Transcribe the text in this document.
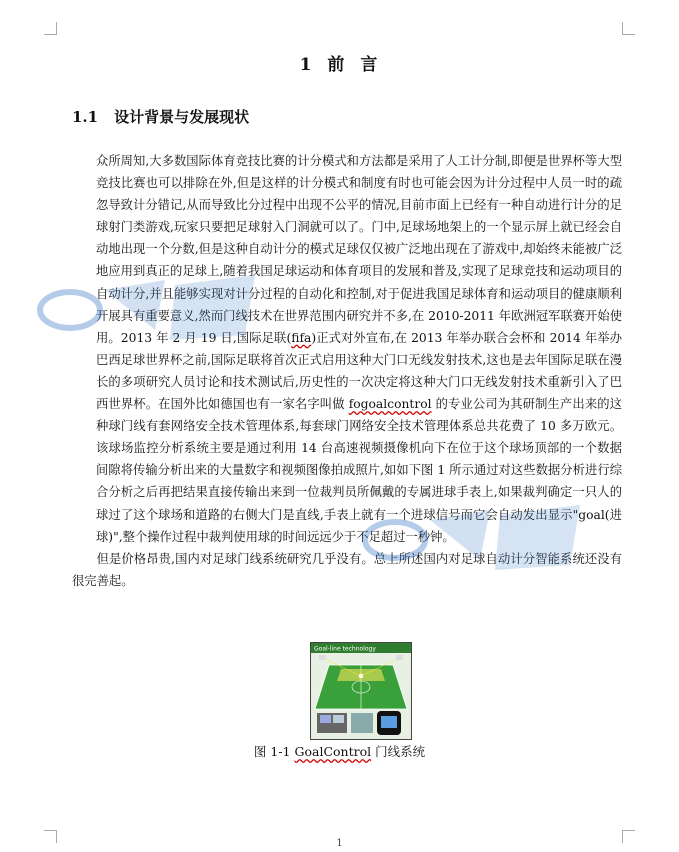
1 前 言
1.1 设计背景与发展现状

众所周知,大多数国际体育竞技比赛的计分模式和方法都是采用了人工计分制,即便是世界杯等大型竞技比赛也可以排除在外,但是这样的计分模式和制度有时也可能会因为计分过程中人员一时的疏忽导致计分错记,从而导致比分过程中出现不公平的情况,目前市面上已经有一种自动进行计分的足球射门类游戏,玩家只要把足球射入门洞就可以了。门中,足球场地架上的一个显示屏上就已经会自动地出现一个分数,但是这种自动计分的模式足球仅仅被广泛地出现在了游戏中,却始终未能被广泛地应用到真正的足球上,随着我国足球运动和体育项目的发展和普及,实现了足球竞技和运动项目的自动计分,并且能够实现对计分过程的自动化和控制,对于促进我国足球体育和运动项目的健康顺利开展具有重要意义,然而门线技术在世界范围内研究并不多,在 2010-2011 年欧洲冠军联赛开始使用。2013 年 2 月 19 日,国际足联(fifa)正式对外宣布,在 2013 年举办联合会杯和 2014 年举办巴西足球世界杯之前,国际足联将首次正式启用这种大门口无线发射技术,这也是去年国际足联在漫长的多项研究人员讨论和技术测试后,历史性的一次决定将这种大门口无线发射技术重新引入了巴西世界杯。在国外比如德国也有一家名字叫做 fogoalcontrol 的专业公司为其研制生产出来的这种球门线有套网络安全技术管理体系,每套球门网络安全技术管理体系总共花费了 10 多万欧元。该球场监控分析系统主要是通过利用 14 台高速视频摄像机向下在位于这个球场顶部的一个数据间隙将传输分析出来的大量数字和视频图像拍成照片,如如下图 1 所示通过对这些数据分析进行综合分析之后再把结果直接传输出来到一位裁判员所佩戴的专属进球手表上,如果裁判确定一只人的球过了这个球场和道路的右侧大门是直线,手表上就有一个进球信号而它会自动发出显示"goal(进球)",整个操作过程中裁判使用球的时间远远少于不足超过一秒钟。

但是价格昂贵,国内对足球门线系统研究几乎没有。总上所述国内对足球自动计分智能系统还没有很完善起。

Goal-line technology
图 1-1 GoalControl 门线系统
1
